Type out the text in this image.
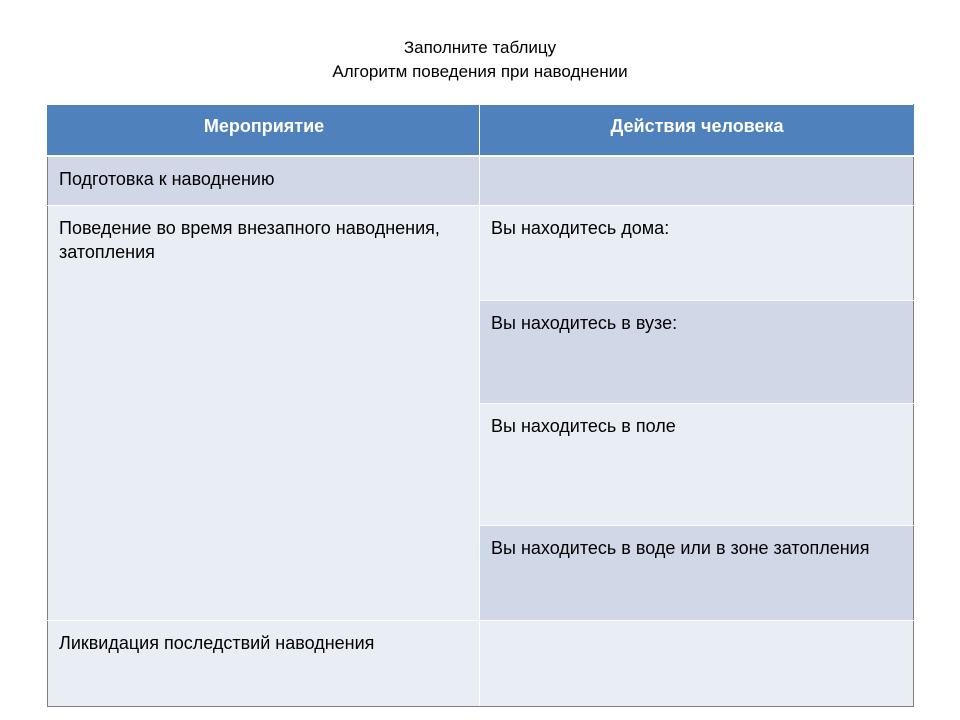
Заполните таблицу
Алгоритм поведения при наводнении
Мероприятие	Действия человека
Подготовка к наводнению	
Поведение во время внезапного наводнения, затопления	Вы находитесь дома:
	Вы находитесь в вузе:
	Вы находитесь в поле
	Вы находитесь в воде или в зоне затопления
Ликвидация последствий наводнения	
